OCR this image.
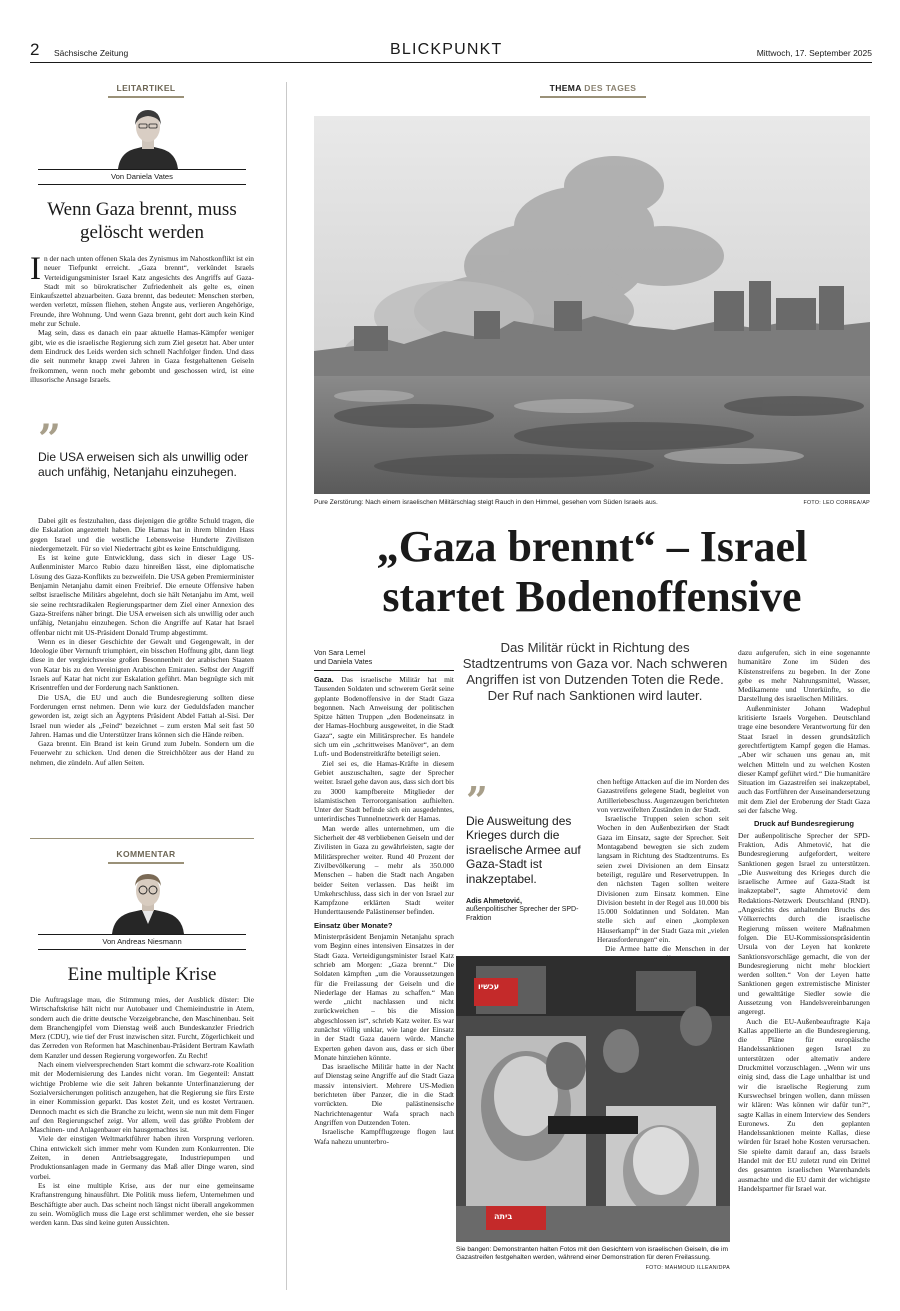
2 Sächsische Zeitung	BLICKPUNKT	Mittwoch, 17. September 2025
LEITARTIKEL
Von Daniela Vates
Wenn Gaza brennt, muss
gelöscht werden

In der nach unten offenen Skala des Zynismus im Nahostkonflikt ist ein neuer Tiefpunkt erreicht. „Gaza brennt“, verkündet Israels Verteidigungsminister Israel Katz angesichts des Angriffs auf Gaza-Stadt mit so bürokratischer Zufriedenheit als gelte es, einen Einkaufszettel abzuarbeiten. Gaza brennt, das bedeutet: Menschen sterben, werden verletzt, müssen fliehen, stehen Ängste aus, verlieren Angehörige, Freunde, ihre Wohnung. Und wenn Gaza brennt, geht dort auch kein Kind mehr zur Schule.

Mag sein, dass es danach ein paar aktuelle Hamas-Kämpfer weniger gibt, wie es die israelische Regierung sich zum Ziel gesetzt hat. Aber unter dem Eindruck des Leids werden sich schnell Nachfolger finden. Und dass die seit nunmehr knapp zwei Jahren in Gaza festgehaltenen Geiseln freikommen, wenn noch mehr gebombt und geschossen wird, ist eine illusorische Ansage Israels.

”
Die USA erweisen sich als unwillig oder auch unfähig, Netanjahu einzuhegen.

Dabei gilt es festzuhalten, dass diejenigen die größte Schuld tragen, die die Eskalation angezettelt haben. Die Hamas hat in ihrem blinden Hass gegen Israel und die westliche Lebensweise Hunderte Zivilisten niedergemetzelt. Für so viel Niedertracht gibt es keine Entschuldigung.

Es ist keine gute Entwicklung, dass sich in dieser Lage US-Außenminister Marco Rubio dazu hinreißen lässt, eine diplomatische Lösung des Gaza-Konflikts zu bezweifeln. Die USA geben Premierminister Benjamin Netanjahu damit einen Freibrief. Die erneute Offensive haben selbst israelische Militärs abgelehnt, doch sie hält Netanjahu im Amt, weil sie seine rechtsradikalen Regierungspartner dem Ziel einer Annexion des Gaza-Streifens näher bringt. Die USA erweisen sich als unwillig oder auch unfähig, Netanjahu einzuhegen. Schon die Angriffe auf Katar hat Israel offenbar nicht mit US-Präsident Donald Trump abgestimmt.

Wenn es in dieser Geschichte der Gewalt und Gegengewalt, in der Ideologie über Vernunft triumphiert, ein bisschen Hoffnung gibt, dann liegt diese in der vergleichsweise großen Besonnenheit der arabischen Staaten von Katar bis zu den Vereinigten Arabischen Emiraten. Selbst der Angriff Israels auf Katar hat nicht zur Eskalation geführt. Man begnügte sich mit Krisentreffen und der Forderung nach Sanktionen.

Die USA, die EU und auch die Bundesregierung sollten diese Forderungen ernst nehmen. Denn wie kurz der Geduldsfaden mancher geworden ist, zeigt sich an Ägyptens Präsident Abdel Fattah al-Sisi. Der Israel nun wieder als „Feind“ bezeichnet – zum ersten Mal seit fast 50 Jahren. Hamas und die Unterstützer Irans können sich die Hände reiben.

Gaza brennt. Ein Brand ist kein Grund zum Jubeln. Sondern um die Feuerwehr zu schicken. Und denen die Streichhölzer aus der Hand zu nehmen, die zündeln. Auf allen Seiten.

KOMMENTAR
Von Andreas Niesmann
Eine multiple Krise

Die Auftragslage mau, die Stimmung mies, der Ausblick düster: Die Wirtschaftskrise hält nicht nur Autobauer und Chemieindustrie in Atem, sondern auch die dritte deutsche Vorzeigebranche, den Maschinenbau. Seit dem Branchengipfel vom Dienstag weiß auch Bundeskanzler Friedrich Merz (CDU), wie tief der Frust inzwischen sitzt. Furcht, Zögerlichkeit und das Zerreden von Reformen hat Maschinenbau-Präsident Bertram Kawlath dem Kanzler und dessen Regierung vorgeworfen. Zu Recht!

Nach einem vielversprechenden Start kommt die schwarz-rote Koalition mit der Modernisierung des Landes nicht voran. Im Gegenteil: Anstatt wichtige Probleme wie die seit Jahren bekannte Unterfinanzierung der Sozialversicherungen politisch anzugehen, hat die Regierung sie fürs Erste in einer Kommission geparkt. Das kostet Zeit, und es kostet Vertrauen. Dennoch macht es sich die Branche zu leicht, wenn sie nun mit dem Finger auf den Regierungschef zeigt. Vor allem, weil das größte Problem der Maschinen- und Anlagenbauer ein hausgemachtes ist.

Viele der einstigen Weltmarktführer haben ihren Vorsprung verloren. China entwickelt sich immer mehr vom Kunden zum Konkurrenten. Die Zeiten, in denen Antriebsaggregate, Industriepumpen und Produktionsanlagen made in Germany das Maß aller Dinge waren, sind vorbei.

Es ist eine multiple Krise, aus der nur eine gemeinsame Kraftanstrengung hinausführt. Die Politik muss liefern, Unternehmen und Beschäftigte aber auch. Das scheint noch längst nicht überall angekommen zu sein. Womöglich muss die Lage erst schlimmer werden, ehe sie besser werden kann. Das sind keine guten Aussichten.

THEMA DES TAGES
Pure Zerstörung: Nach einem israelischen Militärschlag steigt Rauch in den Himmel, gesehen vom Süden Israels aus.	FOTO: LEO CORREA/AP
„Gaza brennt“ – Israel
startet Bodenoffensive
Von Sara Lemel
und Daniela Vates
Das Militär rückt in Richtung des Stadtzentrums von Gaza vor. Nach schweren Angriffen ist von Dutzenden Toten die Rede. Der Ruf nach Sanktionen wird lauter.

Gaza. Das israelische Militär hat mit Tausenden Soldaten und schwerem Gerät seine geplante Bodenoffensive in der Stadt Gaza begonnen. Nach Anweisung der politischen Spitze hätten Truppen „den Bodeneinsatz in der Hamas-Hochburg ausgeweitet, in die Stadt Gaza“, sagte ein Militärsprecher. Es handele sich um ein „schrittweises Manöver“, an dem Luft- und Bodenstreitkräfte beteiligt seien.

Ziel sei es, die Hamas-Kräfte in diesem Gebiet auszuschalten, sagte der Sprecher weiter. Israel gehe davon aus, dass sich dort bis zu 3000 kampfbereite Mitglieder der islamistischen Terrororganisation aufhielten. Unter der Stadt befinde sich ein ausgedehntes, unterirdisches Tunnelnetzwerk der Hamas.

Man werde alles unternehmen, um die Sicherheit der 48 verbliebenen Geiseln und der Zivilisten in Gaza zu gewährleisten, sagte der Militärsprecher weiter. Rund 40 Prozent der Zivilbevölkerung – mehr als 350.000 Menschen – haben die Stadt nach Angaben beider Seiten verlassen. Das heißt im Umkehrschluss, dass sich in der von Israel zur Kampfzone erklärten Stadt weiter Hunderttausende Palästinenser befinden.

Einsatz über Monate?

Ministerpräsident Benjamin Netanjahu sprach vom Beginn eines intensiven Einsatzes in der Stadt Gaza. Verteidigungsminister Israel Katz schrieb am Morgen: „Gaza brennt.“ Die Soldaten kämpften „um die Voraussetzungen für die Freilassung der Geiseln und die Niederlage der Hamas zu schaffen.“ Man werde „nicht nachlassen und nicht zurückweichen – bis die Mission abgeschlossen ist“, schrieb Katz weiter. Es war zunächst völlig unklar, wie lange der Einsatz in der Stadt Gaza dauern würde. Manche Experten gehen davon aus, dass er sich über Monate hinziehen könnte.

Das israelische Militär hatte in der Nacht auf Dienstag seine Angriffe auf die Stadt Gaza massiv intensiviert. Mehrere US-Medien berichteten über Panzer, die in die Stadt vorrückten. Die palästinensische Nachrichtenagentur Wafa sprach nach Angriffen von Dutzenden Toten.

Israelische Kampfflugzeuge flogen laut Wafa nahezu ununterbro-

”
Die Ausweitung des Krieges durch die israelische Armee auf Gaza-Stadt ist inakzeptabel.
Adis Ahmetović,
außenpolitischer Sprecher der SPD-Fraktion

chen heftige Attacken auf die im Norden des Gazastreifens gelegene Stadt, begleitet von Artilleriebeschuss. Augenzeugen berichteten von verzweifelten Zuständen in der Stadt.

Israelische Truppen seien schon seit Wochen in den Außenbezirken der Stadt Gaza im Einsatz, sagte der Sprecher. Seit Montagabend bewegten sie sich zudem langsam in Richtung des Stadtzentrums. Es seien zwei Divisionen an dem Einsatz beteiligt, reguläre und Reservetruppen. In den nächsten Tagen sollten weitere Divisionen zum Einsatz kommen. Eine Division besteht in der Regel aus 10.000 bis 15.000 Soldatinnen und Soldaten. Man stelle sich auf einen „komplexen Häuserkampf“ in der Stadt Gaza mit „vielen Herausforderungen“ ein.

Die Armee hatte die Menschen in der

עכשיו
ביתה
Sie bangen: Demonstranten halten Fotos mit den Gesichtern von israelischen Geiseln, die im Gazastreifen festgehalten werden, während einer Demonstration für deren Freilassung.
FOTO: MAHMOUD ILLEAN/DPA

dazu aufgerufen, sich in eine sogenannte humanitäre Zone im Süden des Küstenstreifens zu begeben. In der Zone gebe es mehr Nahrungsmittel, Wasser, Medikamente und Unterkünfte, so die Darstellung des israelischen Militärs.

Außenminister Johann Wadephul kritisierte Israels Vorgehen. Deutschland trage eine besondere Verantwortung für den Staat Israel in dessen grundsätzlich gerechtfertigtem Kampf gegen die Hamas. „Aber wir schauen uns genau an, mit welchen Mitteln und zu welchen Kosten dieser Kampf geführt wird.“ Die humanitäre Situation im Gazastreifen sei inakzeptabel, auch das Fortführen der Auseinandersetzung mit dem Ziel der Eroberung der Stadt Gaza sei der falsche Weg.

Druck auf Bundesregierung

Der außenpolitische Sprecher der SPD-Fraktion, Adis Ahmetović, hat die Bundesregierung aufgefordert, weitere Sanktionen gegen Israel zu unterstützen. „Die Ausweitung des Krieges durch die israelische Armee auf Gaza-Stadt ist inakzeptabel“, sagte Ahmetović dem Redaktions-Netzwerk Deutschland (RND). „Angesichts des anhaltenden Bruchs des Völkerrechts durch die israelische Regierung müssen weitere Maßnahmen folgen. Die EU-Kommissionspräsidentin Ursula von der Leyen hat konkrete Sanktionsvorschläge gemacht, die von der Bundesregierung nicht mehr blockiert werden sollten.“ Von der Leyen hatte Sanktionen gegen extremistische Minister und gewalttätige Siedler sowie die Aussetzung von Handelsvereinbarungen angeregt.

Auch die EU-Außenbeauftragte Kaja Kallas appellierte an die Bundesregierung, die Pläne für europäische Handelssanktionen gegen Israel zu unterstützen oder alternativ andere Druckmittel vorzuschlagen. „Wenn wir uns einig sind, dass die Lage unhaltbar ist und wir die israelische Regierung zum Kurswechsel bringen wollen, dann müssen wir klären: Was können wir dafür tun?“, sagte Kallas in einem Interview des Senders Euronews. Zu den geplanten Handelssanktionen meinte Kallas, diese würden für Israel hohe Kosten verursachen. Sie spielte damit darauf an, dass Israels Handel mit der EU zuletzt rund ein Drittel des gesamten israelischen Warenhandels ausmachte und die EU damit der wichtigste Handelspartner für Israel war.
